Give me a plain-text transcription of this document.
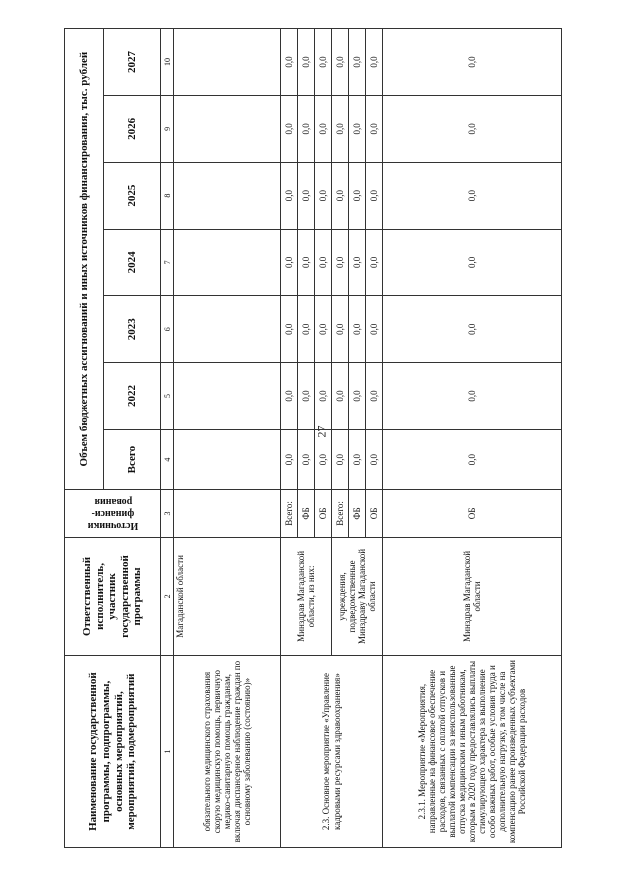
27
Наименование государственной программы, подпрограммы, основных мероприятий, мероприятий, подмероприятий	Ответственный исполнитель, участник государственной программы	Источники
финанси-
рования	Объем бюджетных ассигнований и иных источников финансирования, тыс. рублей						
			Всего	2022	2023	2024	2025	2026	2027
1	2	3	4	5	6	7	8	9	10
обязательного медицинского страхования скорую медицинскую помощь, первичную медико-санитарную помощь гражданам, включая диспансерное наблюдение граждан по основному заболеванию (состоянию)»	Магаданской области								
2.3. Основное мероприятие «Управление кадровыми ресурсами здравоохранения»	Минздрав Магаданской области, из них:	Всего:	0,0	0,0	0,0	0,0	0,0	0,0	0,0
		ФБ	0,0	0,0	0,0	0,0	0,0	0,0	0,0
		ОБ	0,0	0,0	0,0	0,0	0,0	0,0	0,0
	учреждения, подведомственные Минздраву Магаданской области	Всего:	0,0	0,0	0,0	0,0	0,0	0,0	0,0
		ФБ	0,0	0,0	0,0	0,0	0,0	0,0	0,0
		ОБ	0,0	0,0	0,0	0,0	0,0	0,0	0,0
2.3.1. Мероприятие «Мероприятия, направленные на финансовое обеспечение расходов, связанных с оплатой отпусков и выплатой компенсации за неиспользованные отпуска медицинским и иным работникам, которым в 2020 году предоставлялись выплаты стимулирующего характера за выполнение особо важных работ, особые условия труда и дополнительную нагрузку, в том числе на компенсацию ранее произведенных субъектами Российской Федерации расходов	Минздрав Магаданской области	ОБ	0,0	0,0	0,0	0,0	0,0	0,0	0,0
